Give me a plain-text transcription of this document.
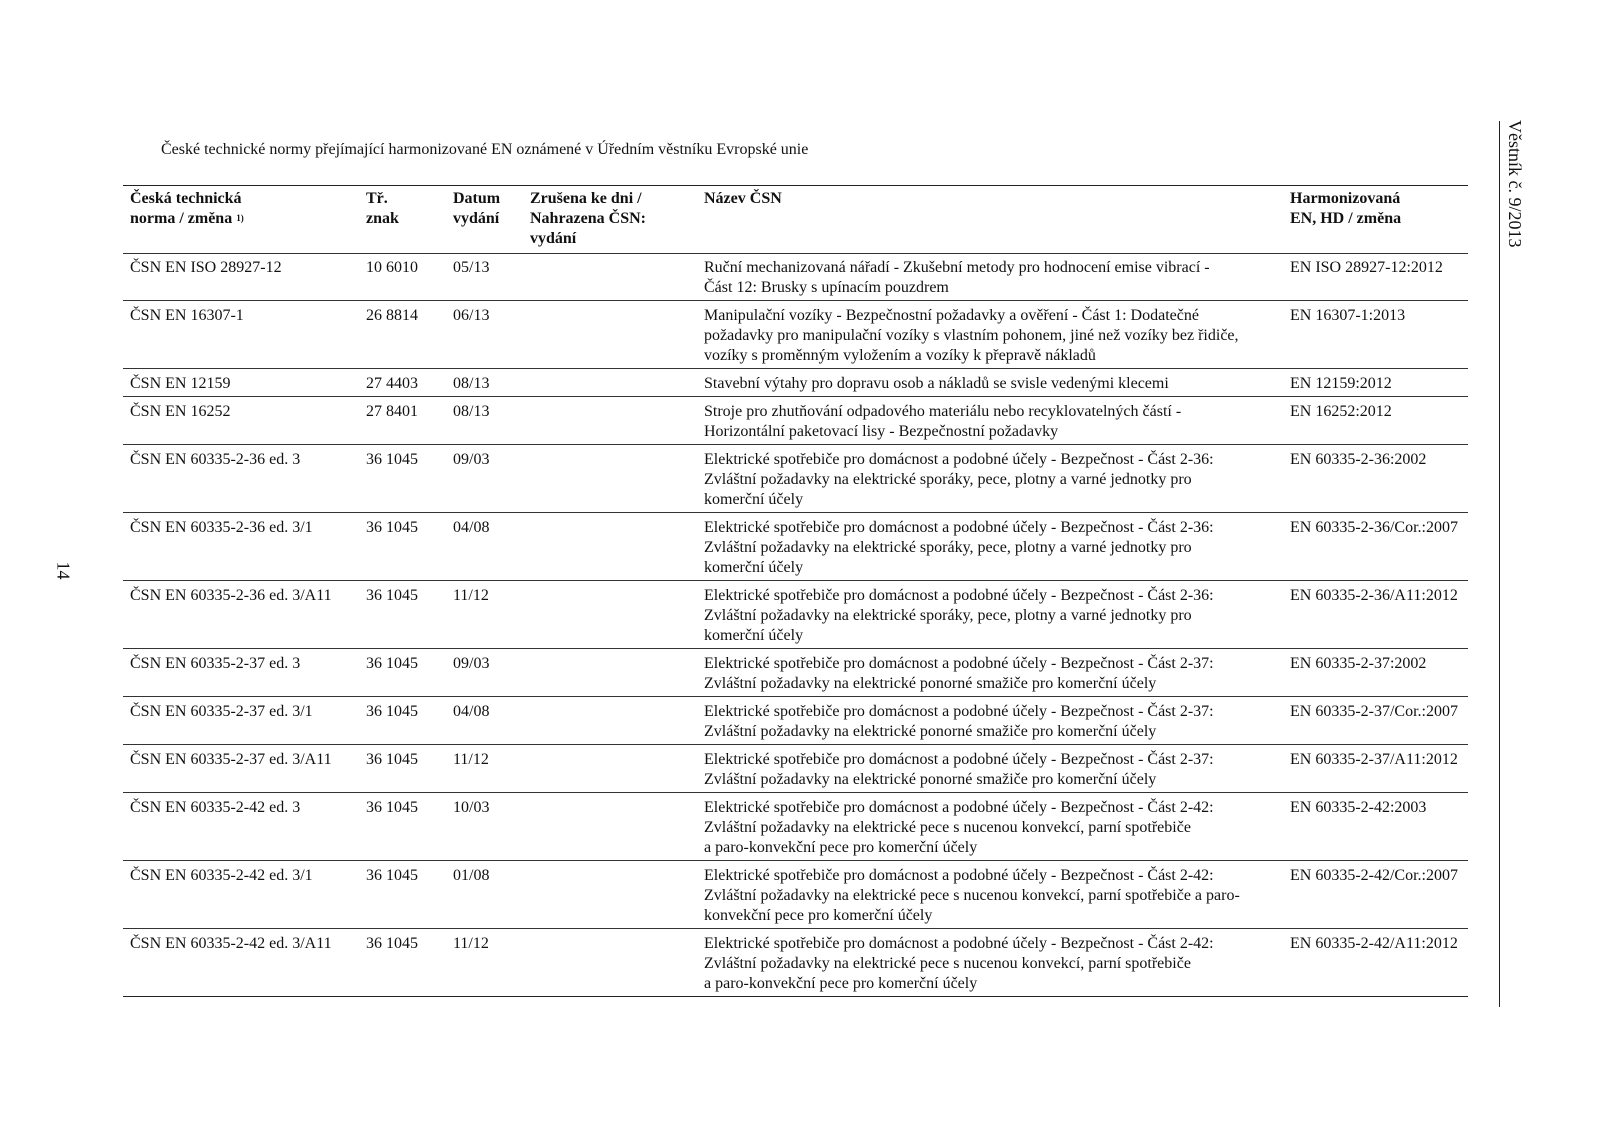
České technické normy přejímající harmonizované EN oznámené v Úředním věstníku Evropské unie
14
Věstník č. 9/2013
Česká technická
norma / změna $^{1)}$	Tř.
znak	Datum
vydání	Zrušena ke dni /
Nahrazena ČSN:
vydání	Název ČSN	Harmonizovaná
EN, HD / změna
ČSN EN ISO 28927-12	10 6010	05/13		Ruční mechanizovaná nářadí - Zkušební metody pro hodnocení emise vibrací -
Část 12: Brusky s upínacím pouzdrem	EN ISO 28927-12:2012
ČSN EN 16307-1	26 8814	06/13		Manipulační vozíky - Bezpečnostní požadavky a ověření - Část 1: Dodatečné
požadavky pro manipulační vozíky s vlastním pohonem, jiné než vozíky bez řidiče,
vozíky s proměnným vyložením a vozíky k přepravě nákladů	EN 16307-1:2013
ČSN EN 12159	27 4403	08/13		Stavební výtahy pro dopravu osob a nákladů se svisle vedenými klecemi	EN 12159:2012
ČSN EN 16252	27 8401	08/13		Stroje pro zhutňování odpadového materiálu nebo recyklovatelných částí -
Horizontální paketovací lisy - Bezpečnostní požadavky	EN 16252:2012
ČSN EN 60335-2-36 ed. 3	36 1045	09/03		Elektrické spotřebiče pro domácnost a podobné účely - Bezpečnost - Část 2-36:
Zvláštní požadavky na elektrické sporáky, pece, plotny a varné jednotky pro
komerční účely	EN 60335-2-36:2002
ČSN EN 60335-2-36 ed. 3/1	36 1045	04/08		Elektrické spotřebiče pro domácnost a podobné účely - Bezpečnost - Část 2-36:
Zvláštní požadavky na elektrické sporáky, pece, plotny a varné jednotky pro
komerční účely	EN 60335-2-36/Cor.:2007
ČSN EN 60335-2-36 ed. 3/A11	36 1045	11/12		Elektrické spotřebiče pro domácnost a podobné účely - Bezpečnost - Část 2-36:
Zvláštní požadavky na elektrické sporáky, pece, plotny a varné jednotky pro
komerční účely	EN 60335-2-36/A11:2012
ČSN EN 60335-2-37 ed. 3	36 1045	09/03		Elektrické spotřebiče pro domácnost a podobné účely - Bezpečnost - Část 2-37:
Zvláštní požadavky na elektrické ponorné smažiče pro komerční účely	EN 60335-2-37:2002
ČSN EN 60335-2-37 ed. 3/1	36 1045	04/08		Elektrické spotřebiče pro domácnost a podobné účely - Bezpečnost - Část 2-37:
Zvláštní požadavky na elektrické ponorné smažiče pro komerční účely	EN 60335-2-37/Cor.:2007
ČSN EN 60335-2-37 ed. 3/A11	36 1045	11/12		Elektrické spotřebiče pro domácnost a podobné účely - Bezpečnost - Část 2-37:
Zvláštní požadavky na elektrické ponorné smažiče pro komerční účely	EN 60335-2-37/A11:2012
ČSN EN 60335-2-42 ed. 3	36 1045	10/03		Elektrické spotřebiče pro domácnost a podobné účely - Bezpečnost - Část 2-42:
Zvláštní požadavky na elektrické pece s nucenou konvekcí, parní spotřebiče
a paro-konvekční pece pro komerční účely	EN 60335-2-42:2003
ČSN EN 60335-2-42 ed. 3/1	36 1045	01/08		Elektrické spotřebiče pro domácnost a podobné účely - Bezpečnost - Část 2-42:
Zvláštní požadavky na elektrické pece s nucenou konvekcí, parní spotřebiče a paro-
konvekční pece pro komerční účely	EN 60335-2-42/Cor.:2007
ČSN EN 60335-2-42 ed. 3/A11	36 1045	11/12		Elektrické spotřebiče pro domácnost a podobné účely - Bezpečnost - Část 2-42:
Zvláštní požadavky na elektrické pece s nucenou konvekcí, parní spotřebiče
a paro-konvekční pece pro komerční účely	EN 60335-2-42/A11:2012
